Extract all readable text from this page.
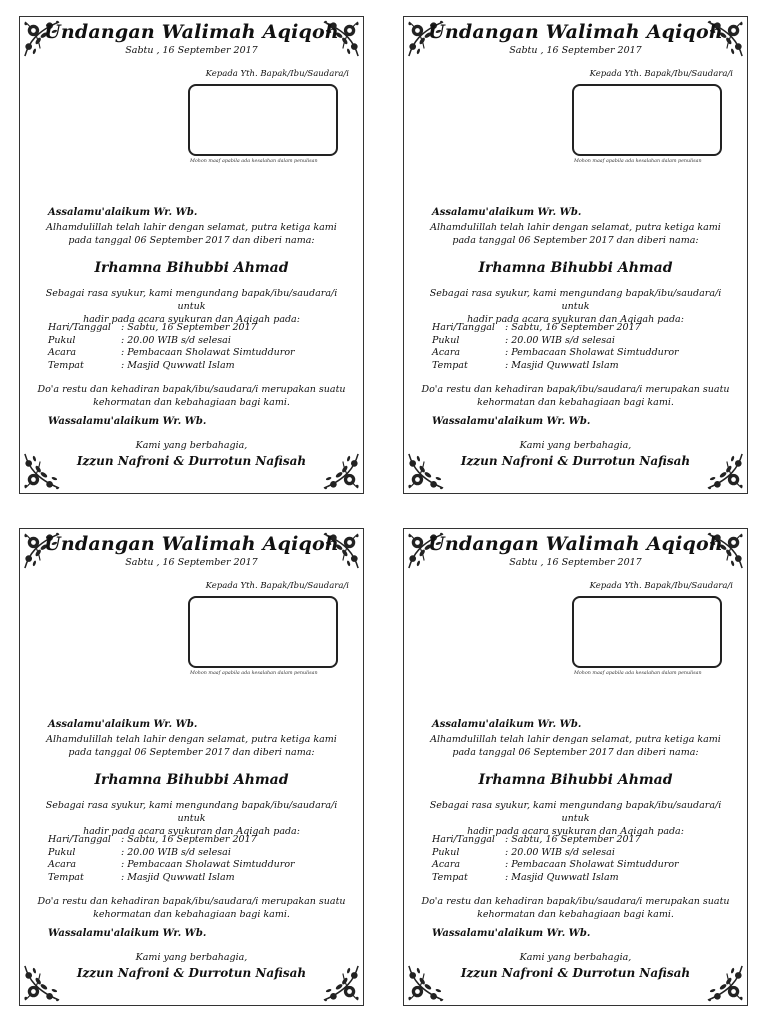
Undangan Walimah Aqiqoh
Sabtu , 16 September 2017
Kepada Yth. Bapak/Ibu/Saudara/i
Mohon maaf apabila ada kesalahan dalam penulisan
Assalamu'alaikum Wr. Wb.
Alhamdulillah telah lahir dengan selamat, putra ketiga kami
pada tanggal 06 September 2017 dan diberi nama:
Irhamna Bihubbi Ahmad
Sebagai rasa syukur, kami mengundang bapak/ibu/saudara/i untuk
hadir pada acara syukuran dan Aqiqah pada:
Hari/Tanggal : Sabtu, 16 September 2017
Pukul	: 20.00 WIB s/d selesai
Acara	: Pembacaan Sholawat Simtudduror
Tempat	: Masjid Quwwatl Islam
Do'a restu dan kehadiran bapak/ibu/saudara/i merupakan suatu
kehormatan dan kebahagiaan bagi kami.
Wassalamu'alaikum Wr. Wb.
Kami yang berbahagia,
Izzun Nafroni & Durrotun Nafisah
Undangan Walimah Aqiqoh
Sabtu , 16 September 2017
Kepada Yth. Bapak/Ibu/Saudara/i
Mohon maaf apabila ada kesalahan dalam penulisan
Assalamu'alaikum Wr. Wb.
Alhamdulillah telah lahir dengan selamat, putra ketiga kami
pada tanggal 06 September 2017 dan diberi nama:
Irhamna Bihubbi Ahmad
Sebagai rasa syukur, kami mengundang bapak/ibu/saudara/i untuk
hadir pada acara syukuran dan Aqiqah pada:
Hari/Tanggal : Sabtu, 16 September 2017
Pukul	: 20.00 WIB s/d selesai
Acara	: Pembacaan Sholawat Simtudduror
Tempat	: Masjid Quwwatl Islam
Do'a restu dan kehadiran bapak/ibu/saudara/i merupakan suatu
kehormatan dan kebahagiaan bagi kami.
Wassalamu'alaikum Wr. Wb.
Kami yang berbahagia,
Izzun Nafroni & Durrotun Nafisah
Undangan Walimah Aqiqoh
Sabtu , 16 September 2017
Kepada Yth. Bapak/Ibu/Saudara/i
Mohon maaf apabila ada kesalahan dalam penulisan
Assalamu'alaikum Wr. Wb.
Alhamdulillah telah lahir dengan selamat, putra ketiga kami
pada tanggal 06 September 2017 dan diberi nama:
Irhamna Bihubbi Ahmad
Sebagai rasa syukur, kami mengundang bapak/ibu/saudara/i untuk
hadir pada acara syukuran dan Aqiqah pada:
Hari/Tanggal : Sabtu, 16 September 2017
Pukul	: 20.00 WIB s/d selesai
Acara	: Pembacaan Sholawat Simtudduror
Tempat	: Masjid Quwwatl Islam
Do'a restu dan kehadiran bapak/ibu/saudara/i merupakan suatu
kehormatan dan kebahagiaan bagi kami.
Wassalamu'alaikum Wr. Wb.
Kami yang berbahagia,
Izzun Nafroni & Durrotun Nafisah
Undangan Walimah Aqiqoh
Sabtu , 16 September 2017
Kepada Yth. Bapak/Ibu/Saudara/i
Mohon maaf apabila ada kesalahan dalam penulisan
Assalamu'alaikum Wr. Wb.
Alhamdulillah telah lahir dengan selamat, putra ketiga kami
pada tanggal 06 September 2017 dan diberi nama:
Irhamna Bihubbi Ahmad
Sebagai rasa syukur, kami mengundang bapak/ibu/saudara/i untuk
hadir pada acara syukuran dan Aqiqah pada:
Hari/Tanggal : Sabtu, 16 September 2017
Pukul	: 20.00 WIB s/d selesai
Acara	: Pembacaan Sholawat Simtudduror
Tempat	: Masjid Quwwatl Islam
Do'a restu dan kehadiran bapak/ibu/saudara/i merupakan suatu
kehormatan dan kebahagiaan bagi kami.
Wassalamu'alaikum Wr. Wb.
Kami yang berbahagia,
Izzun Nafroni & Durrotun Nafisah
